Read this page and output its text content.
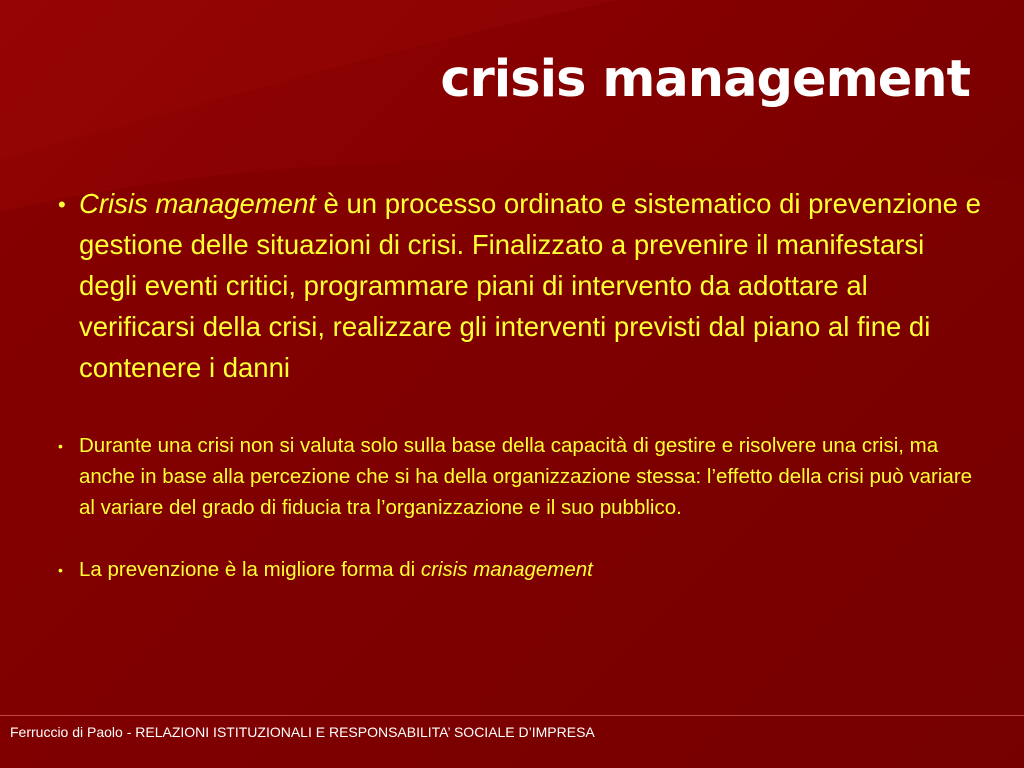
crisis management
• Crisis management è un processo ordinato e sistematico di prevenzione e gestione delle situazioni di crisi. Finalizzato a prevenire il manifestarsi degli eventi critici, programmare piani di intervento da adottare al verificarsi della crisi, realizzare gli interventi previsti dal piano al fine di contenere i danni
• Durante una crisi non si valuta solo sulla base della capacità di gestire e risolvere una crisi, ma anche in base alla percezione che si ha della organizzazione stessa: l’effetto della crisi può variare al variare del grado di fiducia tra l’organizzazione e il suo pubblico.
• La prevenzione è la migliore forma di crisis management
Ferruccio di Paolo - RELAZIONI ISTITUZIONALI E RESPONSABILITA’ SOCIALE D’IMPRESA
